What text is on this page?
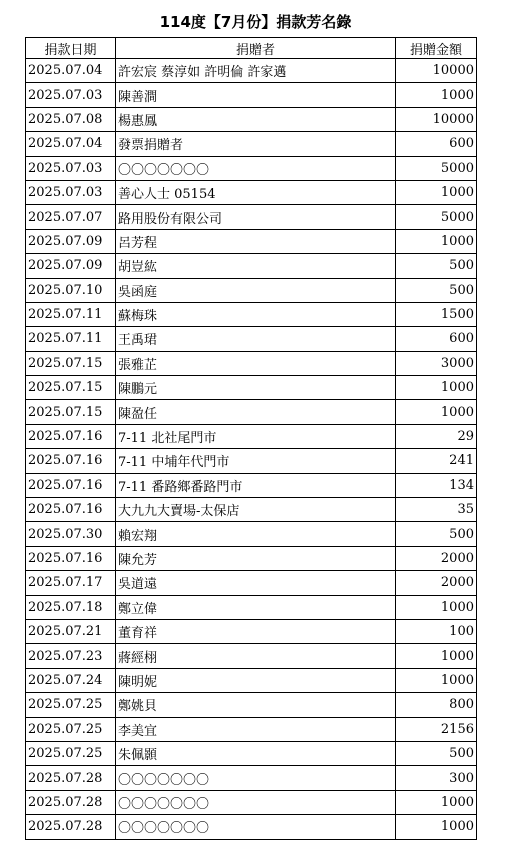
114度【7月份】捐款芳名錄
捐款日期	捐贈者	捐贈金額
2025.07.04	許宏宸 蔡淳如 許明倫 許家邁	10000
2025.07.03	陳善澗	1000
2025.07.08	楊惠鳳	10000
2025.07.04	發票捐贈者	600
2025.07.03	〇〇〇〇〇〇〇	5000
2025.07.03	善心人士 05154	1000
2025.07.07	路用股份有限公司	5000
2025.07.09	呂芳程	1000
2025.07.09	胡豈紘	500
2025.07.10	吳函庭	500
2025.07.11	蘇梅珠	1500
2025.07.11	王禹珺	600
2025.07.15	張雅芷	3000
2025.07.15	陳鵬元	1000
2025.07.15	陳盈任	1000
2025.07.16	7-11 北社尾門市	29
2025.07.16	7-11 中埔年代門市	241
2025.07.16	7-11 番路鄉番路門市	134
2025.07.16	大九九大賣場-太保店	35
2025.07.30	賴宏翔	500
2025.07.16	陳允芳	2000
2025.07.17	吳道遠	2000
2025.07.18	鄭立偉	1000
2025.07.21	董育祥	100
2025.07.23	蔣經栩	1000
2025.07.24	陳明妮	1000
2025.07.25	鄭姚貝	800
2025.07.25	李美宜	2156
2025.07.25	朱佩顥	500
2025.07.28	〇〇〇〇〇〇〇	300
2025.07.28	〇〇〇〇〇〇〇	1000
2025.07.28	〇〇〇〇〇〇〇	1000
